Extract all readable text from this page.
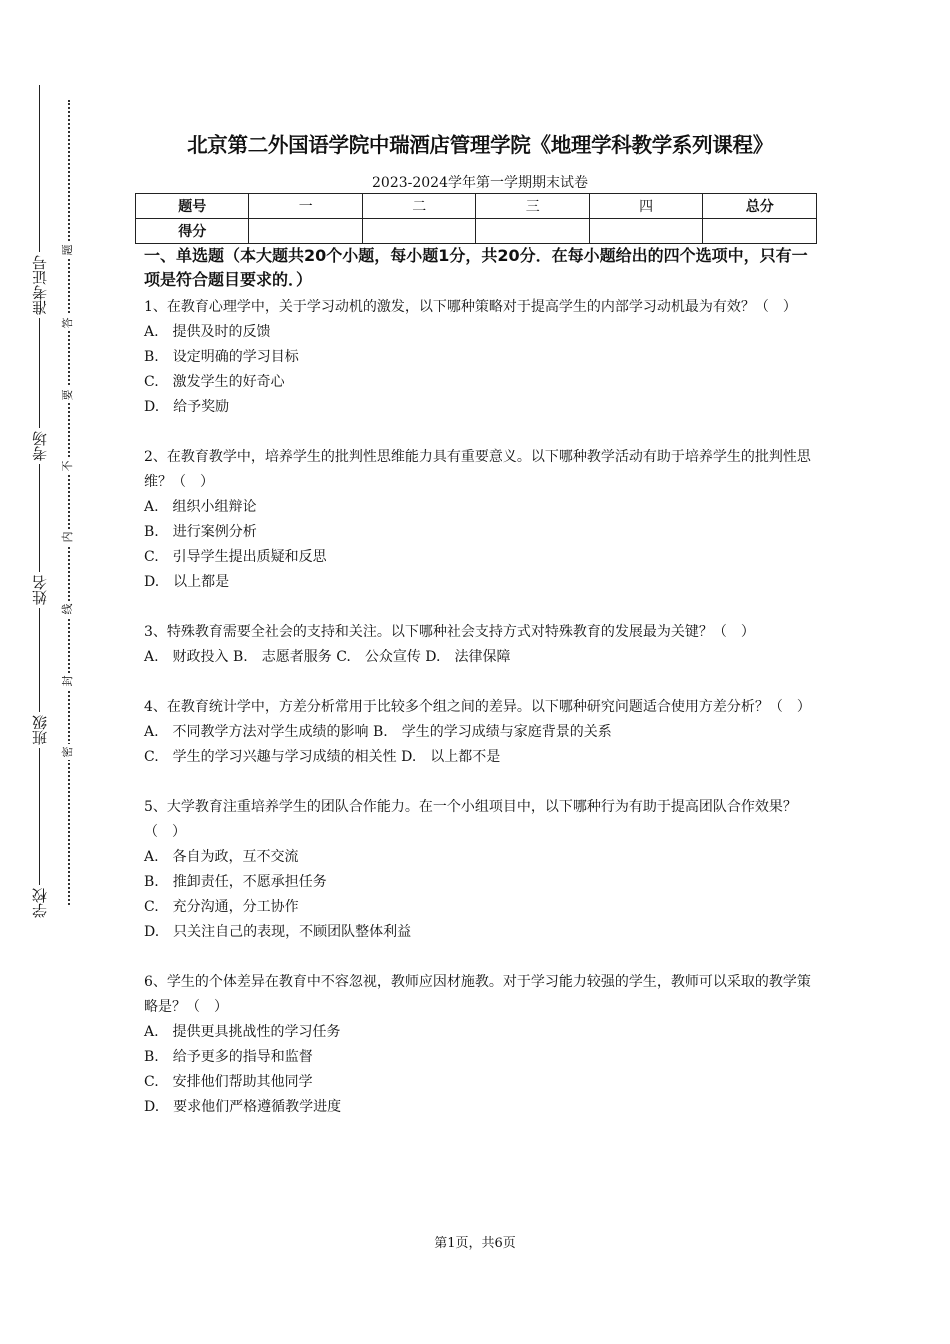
准考证号
考场
姓名
班级
学校
题
答
要
不
内
线
封
密
北京第二外国语学院中瑞酒店管理学院《地理学科教学系列课程》
2023-2024学年第一学期期末试卷
题号	一	二	三	四	总分
得分					
一、单选题（本大题共20个小题，每小题1分，共20分．在每小题给出的四个选项中，只有一项是符合题目要求的．）

1、在教育心理学中，关于学习动机的激发，以下哪种策略对于提高学生的内部学习动机最为有效？（　）

A.　提供及时的反馈

B.　设定明确的学习目标

C.　激发学生的好奇心

D.　给予奖励

2、在教育教学中，培养学生的批判性思维能力具有重要意义。以下哪种教学活动有助于培养学生的批判性思维？（　）

A.　组织小组辩论

B.　进行案例分析

C.　引导学生提出质疑和反思

D.　以上都是

3、特殊教育需要全社会的支持和关注。以下哪种社会支持方式对特殊教育的发展最为关键？（　）

A.　财政投入 B.　志愿者服务 C.　公众宣传 D.　法律保障

4、在教育统计学中，方差分析常用于比较多个组之间的差异。以下哪种研究问题适合使用方差分析？（　）

A.　不同教学方法对学生成绩的影响 B.　学生的学习成绩与家庭背景的关系

C.　学生的学习兴趣与学习成绩的相关性 D.　以上都不是

5、大学教育注重培养学生的团队合作能力。在一个小组项目中，以下哪种行为有助于提高团队合作效果？（　）

A.　各自为政，互不交流

B.　推卸责任，不愿承担任务

C.　充分沟通，分工协作

D.　只关注自己的表现，不顾团队整体利益

6、学生的个体差异在教育中不容忽视，教师应因材施教。对于学习能力较强的学生，教师可以采取的教学策略是？（　）

A.　提供更具挑战性的学习任务

B.　给予更多的指导和监督

C.　安排他们帮助其他同学

D.　要求他们严格遵循教学进度

第1页，共6页
